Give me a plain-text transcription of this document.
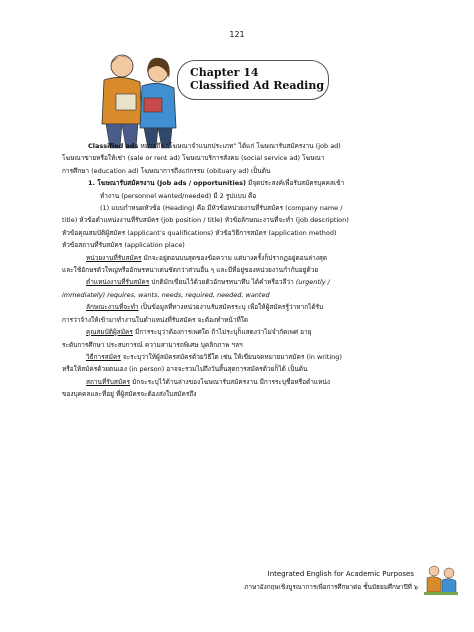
121
Chapter 14
Classified Ad Reading

Classified ads หมายถึง “โฆษณาจำแนกประเภท” ได้แก่ โฆษณารับสมัครงาน (job ad)

โฆษณาขายหรือให้เช่า (sale or rent ad) โฆษณาบริการสังคม (social service ad) โฆษณา

การศึกษา (education ad) โฆษณาการถึงแก่กรรม (obituary ad) เป็นต้น

1. โฆษณารับสมัครงาน (Job ads / opportunities) มีจุดประสงค์เพื่อรับสมัครบุคคลเข้า

ทำงาน (personnel wanted/needed) มี 2 รูปแบบ คือ

(1) แบบกำหนดหัวข้อ (Heading) คือ มีหัวข้อหน่วยงานที่รับสมัคร (company name /

title) หัวข้อตำแหน่งงานที่รับสมัคร (job position / title) หัวข้อลักษณะงานที่จะทำ (job description)

หัวข้อคุณสมบัติผู้สมัคร (applicant’s qualifications) หัวข้อวิธีการสมัคร (application method)

หัวข้อสถานที่รับสมัคร (application place)

หน่วยงานที่รับสมัคร มักจะอยู่ตอนบนสุดของข้อความ แต่บางครั้งก็ปรากฏอยู่ตอนล่างสุด

และใช้อักษรตัวใหญ่หรืออักษรหนาเด่นชัดกว่าส่วนอื่น ๆ และมีที่อยู่ของหน่วยงานกำกับอยู่ด้วย

ตำแหน่งงานที่รับสมัคร ปกติมักเขียนไว้ด้วยตัวอักษรหนาทึบ ได้คำหรือวลีว่า (urgently /

immediately) requires, wants, needs, required, needed, wanted

ลักษณะงานที่จะทำ เป็นข้อมูลที่ทางหน่วยงานรับสมัครระบุ เพื่อให้ผู้สมัครรู้ว่าหากได้รับ

การว่าจ้างให้เข้ามาทำงานในตำแหน่งที่รับสมัคร จะต้องทำหน้าที่ใด

คุณสมบัติผู้สมัคร มีการระบุว่าต้องการเพศใด ถ้าไม่ระบุก็แสดงว่าไม่จำกัดเพศ อายุ

ระดับการศึกษา ประสบการณ์ ความสามารถพิเศษ บุคลิกภาพ ฯลฯ

วิธีการสมัคร จะระบุว่าให้ผู้สมัครสมัครด้วยวิธีใด เช่น ให้เขียนจดหมายมาสมัคร (in writing)

หรือให้สมัครด้วยตนเอง (in person) อาจจะรวมไปถึงวันสิ้นสุดการสมัครด้วยก็ได้ เป็นต้น

สถานที่รับสมัคร มักจะระบุไว้ด้านล่างของโฆษณารับสมัครงาน มีการระบุชื่อหรือตำแหน่ง

ของบุคคลและที่อยู่ ที่ผู้สมัครจะต้องส่งใบสมัครถึง

Integrated English for Academic Purposes
ภาษาอังกฤษเชิงบูรณาการเพื่อการศึกษาต่อ ชั้นมัธยมศึกษาปีที่ ๖
